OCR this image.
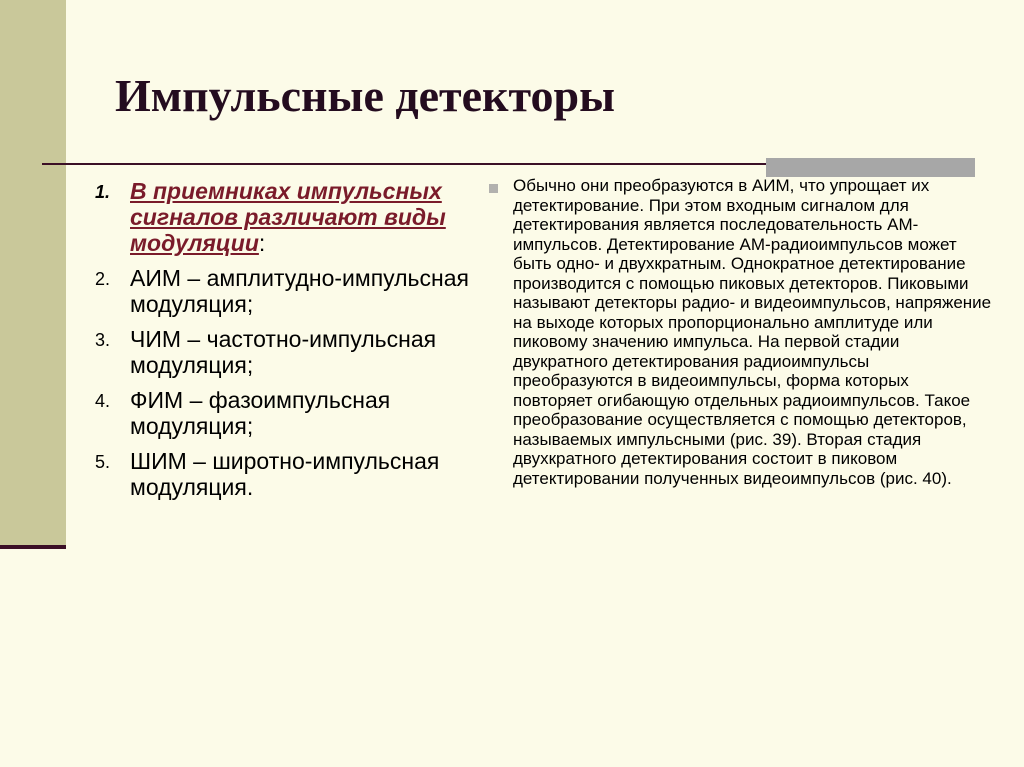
Импульсные детекторы
1. В приемниках импульсных сигналов различают виды модуляции:
2. АИМ – амплитудно-импульсная модуляция;
3. ЧИМ – частотно-импульсная модуляция;
4. ФИМ – фазоимпульсная модуляция;
5. ШИМ – широтно-импульсная модуляция.

Обычно они преобразуются в АИМ, что упрощает их детектирование. При этом входным сигналом для детектирования является последовательность АМ-импульсов. Детектирование АМ-радиоимпульсов может быть одно- и двухкратным. Однократное детектирование производится с помощью пиковых детекторов. Пиковыми называют детекторы радио- и видеоимпульсов, напряжение на выходе которых пропорционально амплитуде или пиковому значению импульса. На первой стадии двукратного детектирования радиоимпульсы преобразуются в видеоимпульсы, форма которых повторяет огибающую отдельных радиоимпульсов. Такое преобразование осуществляется с помощью детекторов, называемых импульсными (рис. 39). Вторая стадия двухкратного детектирования состоит в пиковом детектировании полученных видеоимпульсов (рис. 40).
